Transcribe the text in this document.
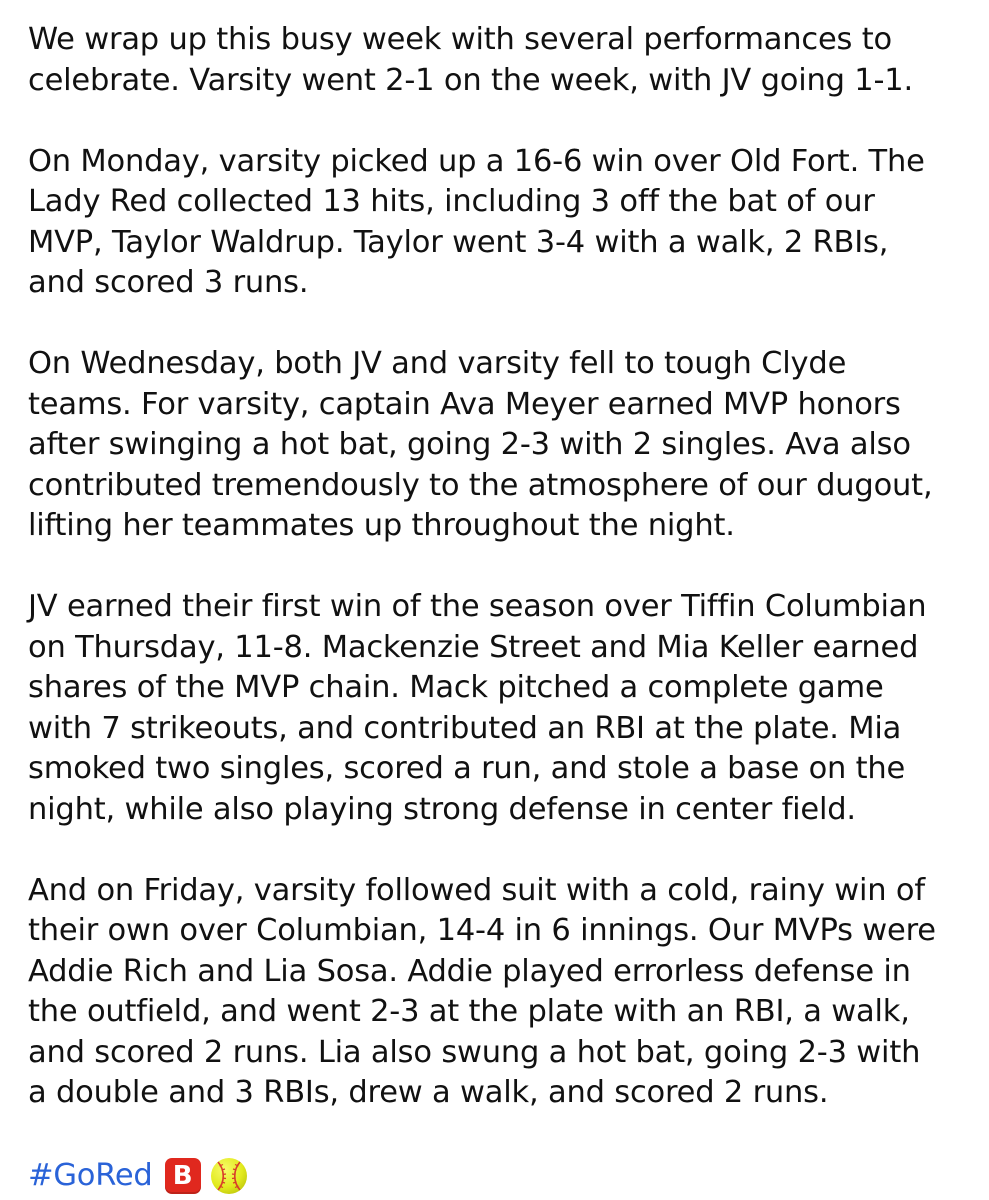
We wrap up this busy week with several performances to
celebrate. Varsity went 2-1 on the week, with JV going 1-1.
On Monday, varsity picked up a 16-6 win over Old Fort. The
Lady Red collected 13 hits, including 3 off the bat of our
MVP, Taylor Waldrup. Taylor went 3-4 with a walk, 2 RBIs,
and scored 3 runs.
On Wednesday, both JV and varsity fell to tough Clyde
teams. For varsity, captain Ava Meyer earned MVP honors
after swinging a hot bat, going 2-3 with 2 singles. Ava also
contributed tremendously to the atmosphere of our dugout,
lifting her teammates up throughout the night.
JV earned their first win of the season over Tiffin Columbian
on Thursday, 11-8. Mackenzie Street and Mia Keller earned
shares of the MVP chain. Mack pitched a complete game
with 7 strikeouts, and contributed an RBI at the plate. Mia
smoked two singles, scored a run, and stole a base on the
night, while also playing strong defense in center field.
And on Friday, varsity followed suit with a cold, rainy win of
their own over Columbian, 14-4 in 6 innings. Our MVPs were
Addie Rich and Lia Sosa. Addie played errorless defense in
the outfield, and went 2-3 at the plate with an RBI, a walk,
and scored 2 runs. Lia also swung a hot bat, going 2-3 with
a double and 3 RBIs, drew a walk, and scored 2 runs.
#GoRed B
